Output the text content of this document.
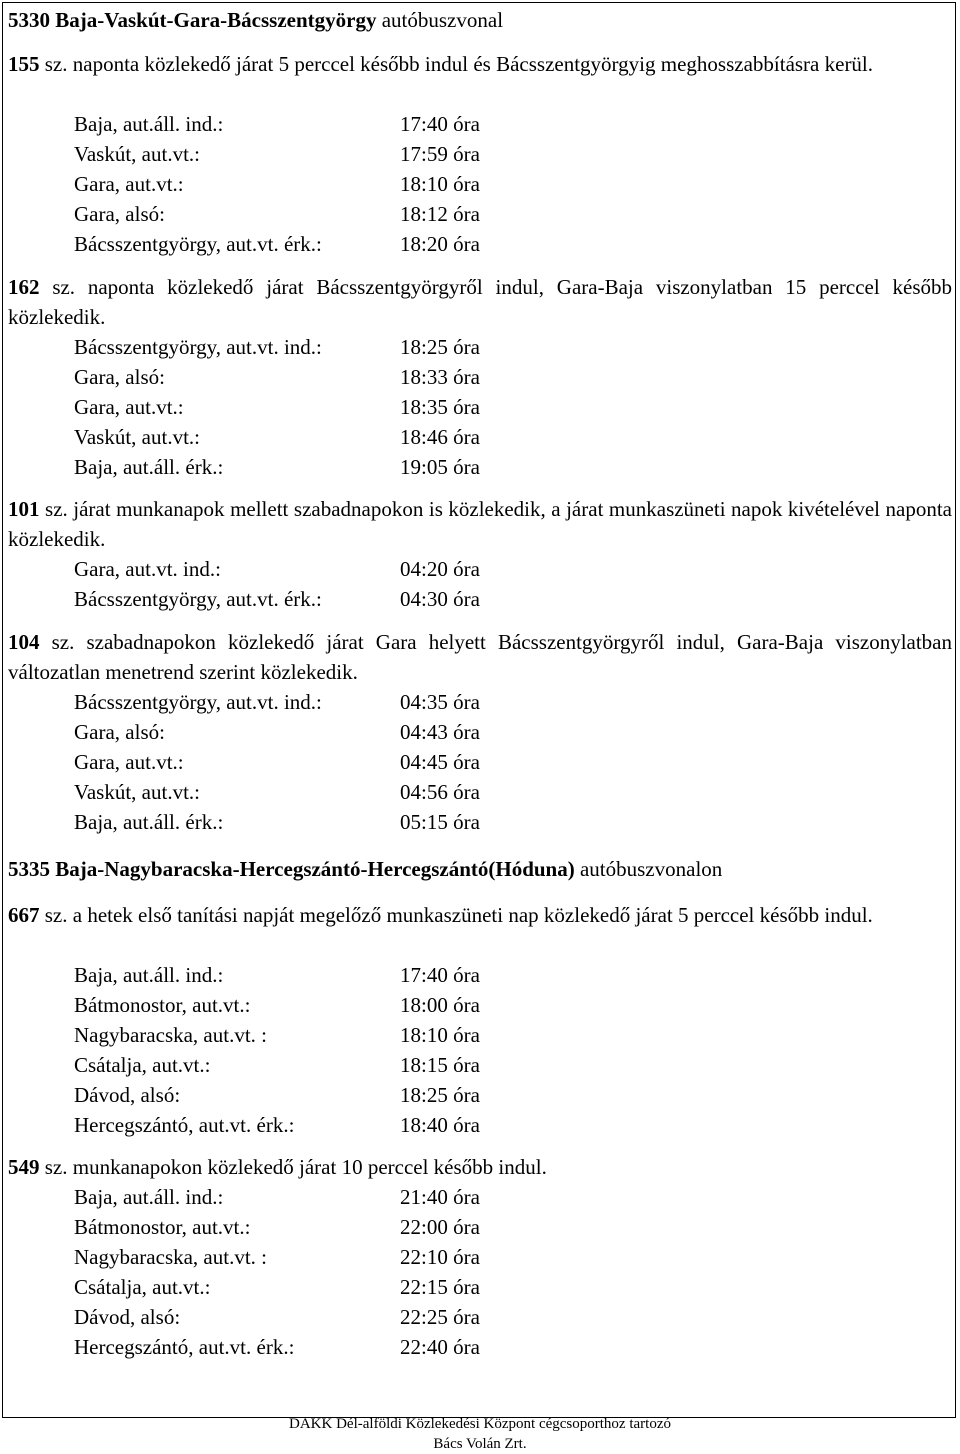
5330 Baja-Vaskút-Gara-Bácsszentgyörgy autóbuszvonal
155 sz. naponta közlekedő járat 5 perccel később indul és Bácsszentgyörgyig meghosszabbításra kerül.
162 sz. naponta közlekedő járat Bácsszentgyörgyről indul, Gara-Baja viszonylatban 15 perccel később közlekedik.
101 sz. járat munkanapok mellett szabadnapokon is közlekedik, a járat munkaszüneti napok kivételével naponta közlekedik.
104 sz. szabadnapokon közlekedő járat Gara helyett Bácsszentgyörgyről indul, Gara-Baja viszonylatban változatlan menetrend szerint közlekedik.
5335 Baja-Nagybaracska-Hercegszántó-Hercegszántó(Hóduna) autóbuszvonalon
667 sz. a hetek első tanítási napját megelőző munkaszüneti nap közlekedő járat 5 perccel később indul.
549 sz. munkanapokon közlekedő járat 10 perccel később indul.
DAKK Dél-alföldi Közlekedési Központ cégcsoporthoz tartozó
Bács Volán Zrt.
Baja, aut.áll. ind.:	17:40 óra
Vaskút, aut.vt.:	17:59 óra
Gara, aut.vt.:	18:10 óra
Gara, alsó:	18:12 óra
Bácsszentgyörgy, aut.vt. érk.:	18:20 óra
Bácsszentgyörgy, aut.vt. ind.:	18:25 óra
Gara, alsó:	18:33 óra
Gara, aut.vt.:	18:35 óra
Vaskút, aut.vt.:	18:46 óra
Baja, aut.áll. érk.:	19:05 óra
Gara, aut.vt. ind.:	04:20 óra
Bácsszentgyörgy, aut.vt. érk.:	04:30 óra
Bácsszentgyörgy, aut.vt. ind.:	04:35 óra
Gara, alsó:	04:43 óra
Gara, aut.vt.:	04:45 óra
Vaskút, aut.vt.:	04:56 óra
Baja, aut.áll. érk.:	05:15 óra
Baja, aut.áll. ind.:	17:40 óra
Bátmonostor, aut.vt.:	18:00 óra
Nagybaracska, aut.vt. :	18:10 óra
Csátalja, aut.vt.:	18:15 óra
Dávod, alsó:	18:25 óra
Hercegszántó, aut.vt. érk.:	18:40 óra
Baja, aut.áll. ind.:	21:40 óra
Bátmonostor, aut.vt.:	22:00 óra
Nagybaracska, aut.vt. :	22:10 óra
Csátalja, aut.vt.:	22:15 óra
Dávod, alsó:	22:25 óra
Hercegszántó, aut.vt. érk.:	22:40 óra
